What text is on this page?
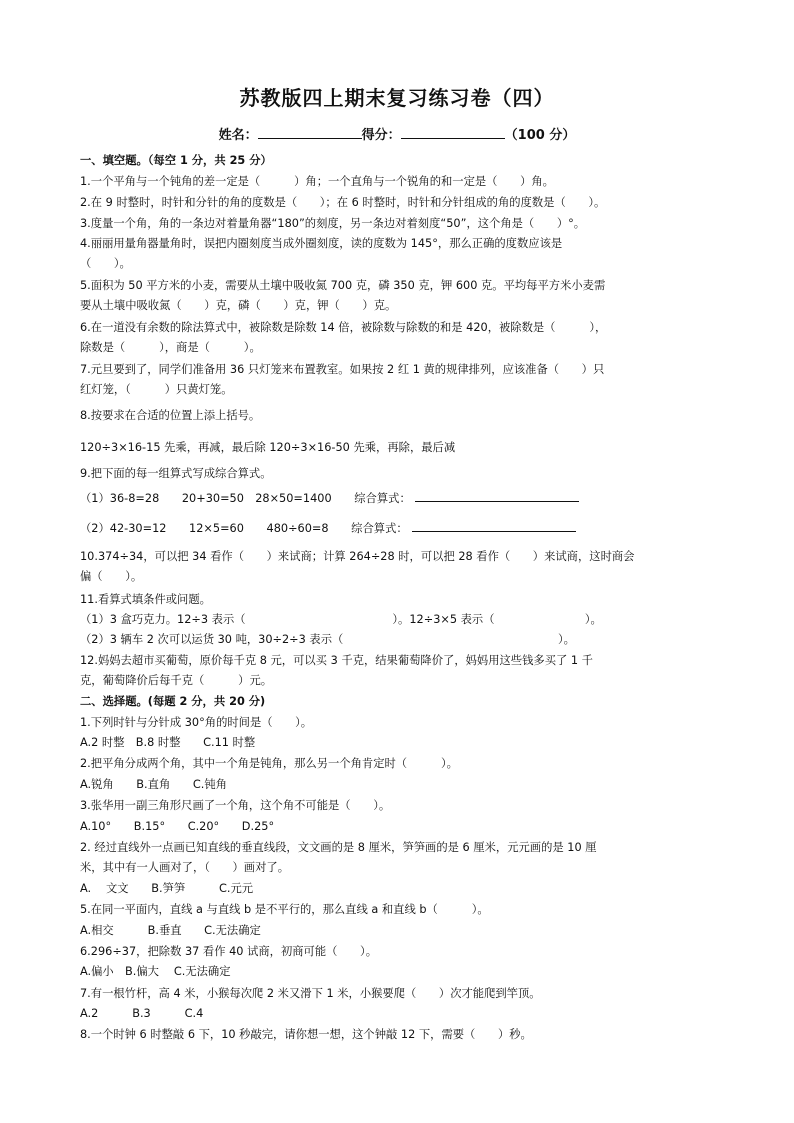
苏教版四上期末复习练习卷（四）
姓名：	得分：	（100 分）
一、填空题。（每空 1 分，共 25 分）
1.一个平角与一个钝角的差一定是（　　　）角；一个直角与一个锐角的和一定是（　　）角。
2.在 9 时整时，时针和分针的角的度数是（　　）；在 6 时整时，时针和分针组成的角的度数是（　　）。
3.度量一个角，角的一条边对着量角器“180”的刻度，另一条边对着刻度“50”，这个角是（　　）°。
4.丽丽用量角器量角时，误把内圈刻度当成外圈刻度，读的度数为 145°，那么正确的度数应该是
（　　）。
5.面积为 50 平方米的小麦，需要从土壤中吸收氮 700 克，磷 350 克，钾 600 克。平均每平方米小麦需
要从土壤中吸收氮（　　）克，磷（　　）克，钾（　　）克。
6.在一道没有余数的除法算式中，被除数是除数 14 倍，被除数与除数的和是 420，被除数是（　　　），
除数是（　　　），商是（　　　）。
7.元旦要到了，同学们准备用 36 只灯笼来布置教室。如果按 2 红 1 黄的规律排列，应该准备（　　）只
红灯笼，（　　　）只黄灯笼。
8.按要求在合适的位置上添上括号。
120÷3×16-15 先乘，再减，最后除 120÷3×16-50 先乘，再除，最后减
9.把下面的每一组算式写成综合算式。
（1）36-8=28　　20+30=50　28×50=1400　　 综合算式：
（2）42-30=12　　12×5=60　　480÷60=8　　 综合算式：
10.374÷34，可以把 34 看作（　　）来试商；计算 264÷28 时，可以把 28 看作（　　）来试商，这时商会
偏（　　）。
11.看算式填条件或问题。
（1）3 盒巧克力。12÷3 表示（　　　　　　　　　　　　　）。12÷3×5 表示（　　　　　　　　）。
（2）3 辆车 2 次可以运货 30 吨，30÷2÷3 表示（　　　　　　　　　　　　　　　　　　　）。
12.妈妈去超市买葡萄，原价每千克 8 元，可以买 3 千克，结果葡萄降价了，妈妈用这些钱多买了 1 千
克，葡萄降价后每千克（　　　）元。
二、选择题。(每题 2 分，共 20 分)
1.下列时针与分针成 30°角的时间是（　　）。
A.2 时整　B.8 时整　　C.11 时整
2.把平角分成两个角，其中一个角是钝角，那么另一个角肯定时（　　　）。
A.锐角　　B.直角　　C.钝角
3.张华用一副三角形尺画了一个角，这个角不可能是（　　）。
A.10°　　B.15°　　C.20°　　D.25°
2. 经过直线外一点画已知直线的垂直线段，文文画的是 8 厘米，笋笋画的是 6 厘米，元元画的是 10 厘
米，其中有一人画对了，（　　）画对了。
A.　 文文　　B.笋笋　　　C.元元
5.在同一平面内，直线 a 与直线 b 是不平行的，那么直线 a 和直线 b（　　　）。
A.相交　　　B.垂直　　C.无法确定
6.296÷37，把除数 37 看作 40 试商，初商可能（　　）。
A.偏小　B.偏大　 C.无法确定
7.有一根竹杆，高 4 米，小猴每次爬 2 米又滑下 1 米，小猴要爬（　　）次才能爬到竿顶。
A.2　　　B.3　　　C.4
8.一个时钟 6 时整敲 6 下，10 秒敲完，请你想一想，这个钟敲 12 下，需要（　　）秒。
